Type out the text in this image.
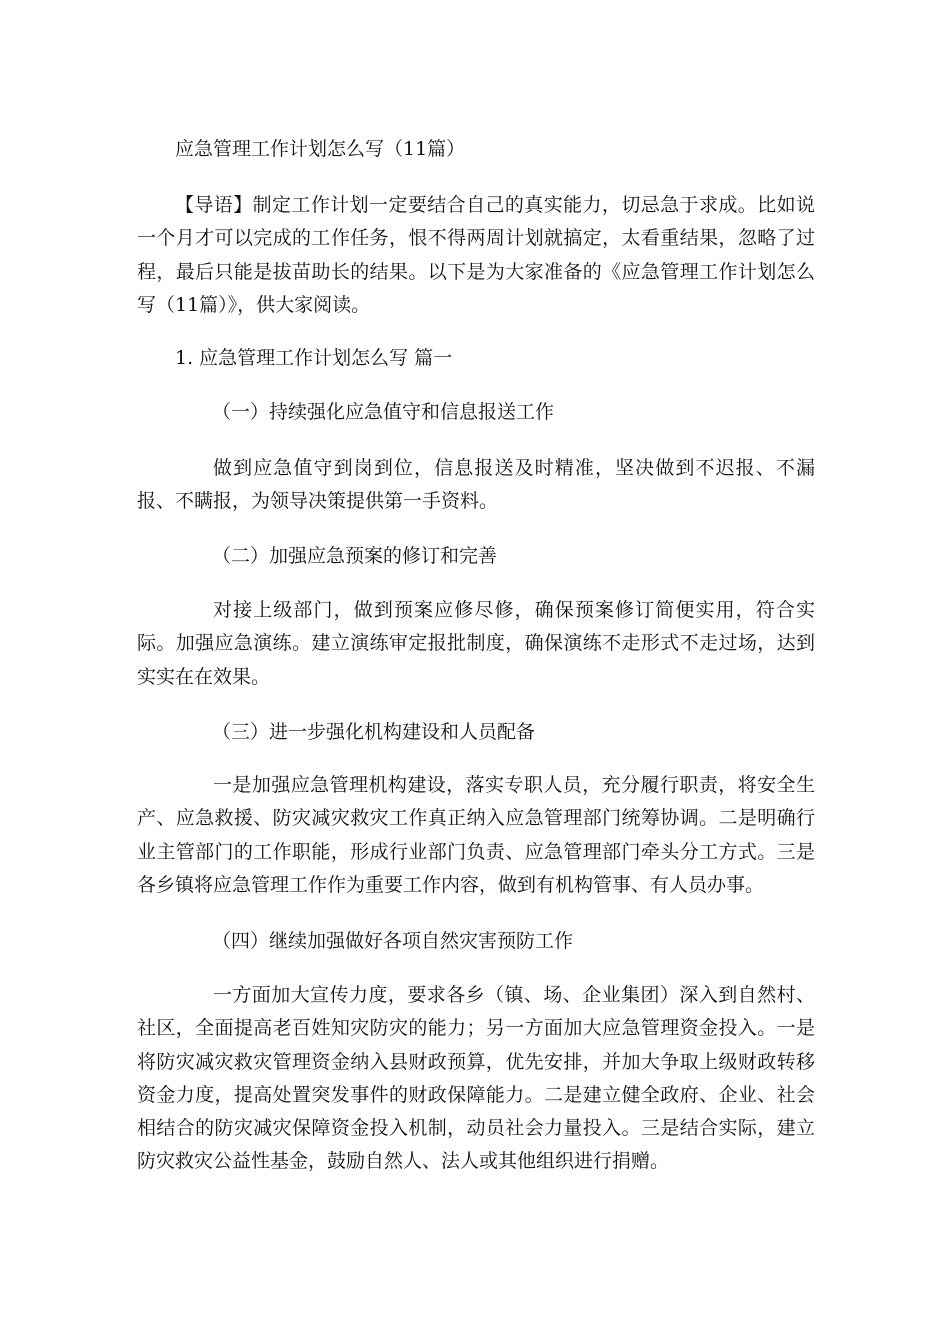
应急管理工作计划怎么写（11篇）

【导语】制定工作计划一定要结合自己的真实能力，切忌急于求成。比如说一个月才可以完成的工作任务，恨不得两周计划就搞定，太看重结果，忽略了过程，最后只能是拔苗助长的结果。以下是为大家准备的《应急管理工作计划怎么写（11篇）》，供大家阅读。

1. 应急管理工作计划怎么写 篇一
（一）持续强化应急值守和信息报送工作

做到应急值守到岗到位，信息报送及时精准，坚决做到不迟报、不漏报、不瞒报，为领导决策提供第一手资料。

（二）加强应急预案的修订和完善

对接上级部门，做到预案应修尽修，确保预案修订简便实用，符合实际。加强应急演练。建立演练审定报批制度，确保演练不走形式不走过场，达到实实在在效果。

（三）进一步强化机构建设和人员配备

一是加强应急管理机构建设，落实专职人员，充分履行职责，将安全生产、应急救援、防灾减灾救灾工作真正纳入应急管理部门统筹协调。二是明确行业主管部门的工作职能，形成行业部门负责、应急管理部门牵头分工方式。三是各乡镇将应急管理工作作为重要工作内容，做到有机构管事、有人员办事。

（四）继续加强做好各项自然灾害预防工作

一方面加大宣传力度，要求各乡（镇、场、企业集团）深入到自然村、社区，全面提高老百姓知灾防灾的能力；另一方面加大应急管理资金投入。一是将防灾减灾救灾管理资金纳入县财政预算，优先安排，并加大争取上级财政转移资金力度，提高处置突发事件的财政保障能力。二是建立健全政府、企业、社会相结合的防灾减灾保障资金投入机制，动员社会力量投入。三是结合实际，建立防灾救灾公益性基金，鼓励自然人、法人或其他组织进行捐赠。
